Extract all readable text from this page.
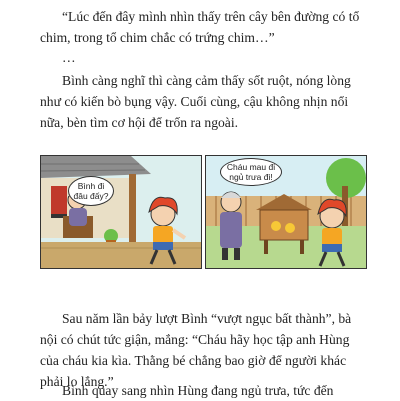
“Lúc đến đây mình nhìn thấy trên cây bên đường có tổ chim, trong tổ chim chắc có trứng chim…”

…

Bình càng nghĩ thì càng cảm thấy sốt ruột, nóng lòng như có kiến bò bụng vậy. Cuối cùng, cậu không nhịn nổi nữa, bèn tìm cơ hội để trốn ra ngoài.

Bình đi đâu đấy?
Cháu mau đi ngủ trưa đi!

Sau năm lần bảy lượt Bình “vượt ngục bất thành”, bà nội có chút tức giận, mắng: “Cháu hãy học tập anh Hùng của cháu kia kìa. Thằng bé chẳng bao giờ để người khác phải lo lắng.”

Bình quay sang nhìn Hùng đang ngủ trưa, tức đến
